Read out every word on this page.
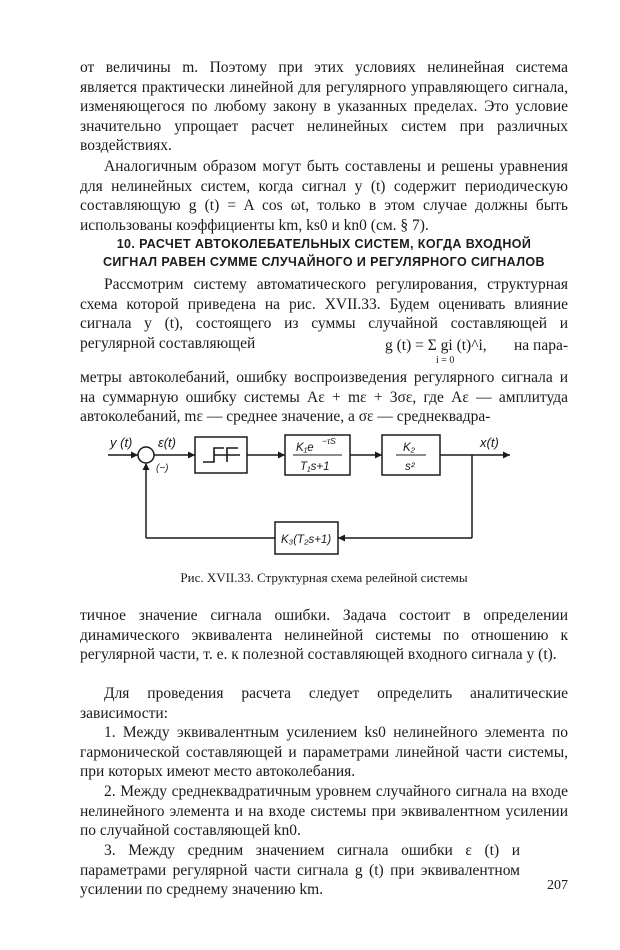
от величины m. Поэтому при этих условиях нелинейная система является практически линейной для регулярного управляющего сигнала, изменяющегося по любому закону в указанных пределах. Это условие значительно упрощает расчет нелинейных систем при различных воздействиях.

Аналогичным образом могут быть составлены и решены уравнения для нелинейных систем, когда сигнал y (t) содержит периодическую составляющую g (t) = A cos ωt, только в этом случае должны быть использованы коэффициенты km, ks0 и kn0 (см. § 7).

10. РАСЧЕТ АВТОКОЛЕБАТЕЛЬНЫХ СИСТЕМ, КОГДА ВХОДНОЙ
СИГНАЛ РАВЕН СУММЕ СЛУЧАЙНОГО И РЕГУЛЯРНОГО СИГНАЛОВ

Рассмотрим систему автоматического регулирования, структурная схема которой приведена на рис. XVII.33. Будем оценивать влияние сигнала y (t), состоящего из суммы случайной составляющей и регулярной составляющей	g (t) = Σ gi (t)^i,
i = 0
на пара-

метры автоколебаний, ошибку воспроизведения регулярного сигнала и на суммарную ошибку системы Aε + mε + 3σε, где Aε — амплитуда автоколебаний, mε — среднее значение, а σε — среднеквадра-

y (t) ε(t)
(−)
K₁e
−τS
T₁s+1
K₂
s²
x(t)
K₃(T₂s+1)
Рис. XVII.33. Структурная схема релейной системы

тичное значение сигнала ошибки. Задача состоит в определении динамического эквивалента нелинейной системы по отношению к регулярной части, т. е. к полезной составляющей входного сигнала y (t).

Для проведения расчета следует определить аналитические зависимости:

1. Между эквивалентным усилением ks0 нелинейного элемента по гармонической составляющей и параметрами линейной части системы, при которых имеют место автоколебания.

2. Между среднеквадратичным уровнем случайного сигнала на входе нелинейного элемента и на входе системы при эквивалентном усилении по случайной составляющей kn0.

3. Между средним значением сигнала ошибки ε (t) и параметрами регулярной части сигнала g (t) при эквивалентном усилении по среднему значению km.	207
